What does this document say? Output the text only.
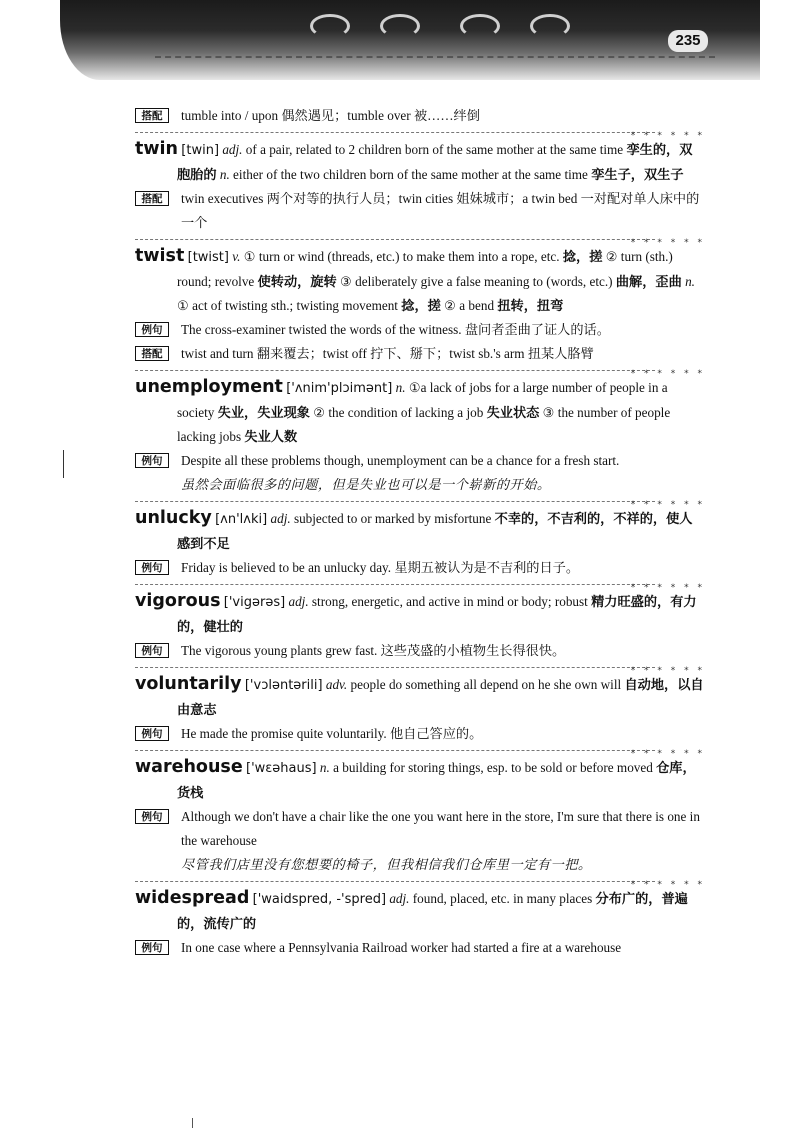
235
搭配	tumble into / upon 偶然遇见；tumble over 被……绊倒
* * * * * *

twin [twin] adj. of a pair, related to 2 children born of the same mother at the same time 孪生的，双胞胎的 n. either of the two children born of the same mother at the same time 孪生子，双生子

搭配	twin executives 两个对等的执行人员；twin cities 姐妹城市；a twin bed 一对配对单人床中的一个
* * * * * *

twist [twist] v. ① turn or wind (threads, etc.) to make them into a rope, etc. 捻，搓 ② turn (sth.) round; revolve 使转动，旋转 ③ deliberately give a false meaning to (words, etc.) 曲解，歪曲 n. ① act of twisting sth.; twisting movement 捻，搓 ② a bend 扭转，扭弯

例句	The cross-examiner twisted the words of the witness. 盘问者歪曲了证人的话。
搭配	twist and turn 翻来覆去；twist off 拧下、掰下；twist sb.'s arm 扭某人胳臂
* * * * * *

unemployment ['ʌnim'plɔimənt] n. ①a lack of jobs for a large number of people in a society 失业，失业现象 ② the condition of lacking a job 失业状态 ③ the number of people lacking jobs 失业人数

例句	Despite all these problems though, unemployment can be a chance for a fresh start.
虽然会面临很多的问题，但是失业也可以是一个崭新的开始。
* * * * * *

unlucky [ʌn'lʌki] adj. subjected to or marked by misfortune 不幸的，不吉利的，不祥的，使人感到不足

例句	Friday is believed to be an unlucky day. 星期五被认为是不吉利的日子。
* * * * * *

vigorous ['vigərəs] adj. strong, energetic, and active in mind or body; robust 精力旺盛的，有力的，健壮的

例句	The vigorous young plants grew fast. 这些茂盛的小植物生长得很快。
* * * * * *

voluntarily ['vɔləntərili] adv. people do something all depend on he she own will 自动地，以自由意志

例句	He made the promise quite voluntarily. 他自己答应的。
* * * * * *

warehouse ['wɛəhaus] n. a building for storing things, esp. to be sold or before moved 仓库，货栈

例句	Although we don't have a chair like the one you want here in the store, I'm sure that there is one in the warehouse
尽管我们店里没有您想要的椅子，但我相信我们仓库里一定有一把。
* * * * * *

widespread ['waidspred, -'spred] adj. found, placed, etc. in many places 分布广的，普遍的，流传广的

例句	In one case where a Pennsylvania Railroad worker had started a fire at a warehouse
